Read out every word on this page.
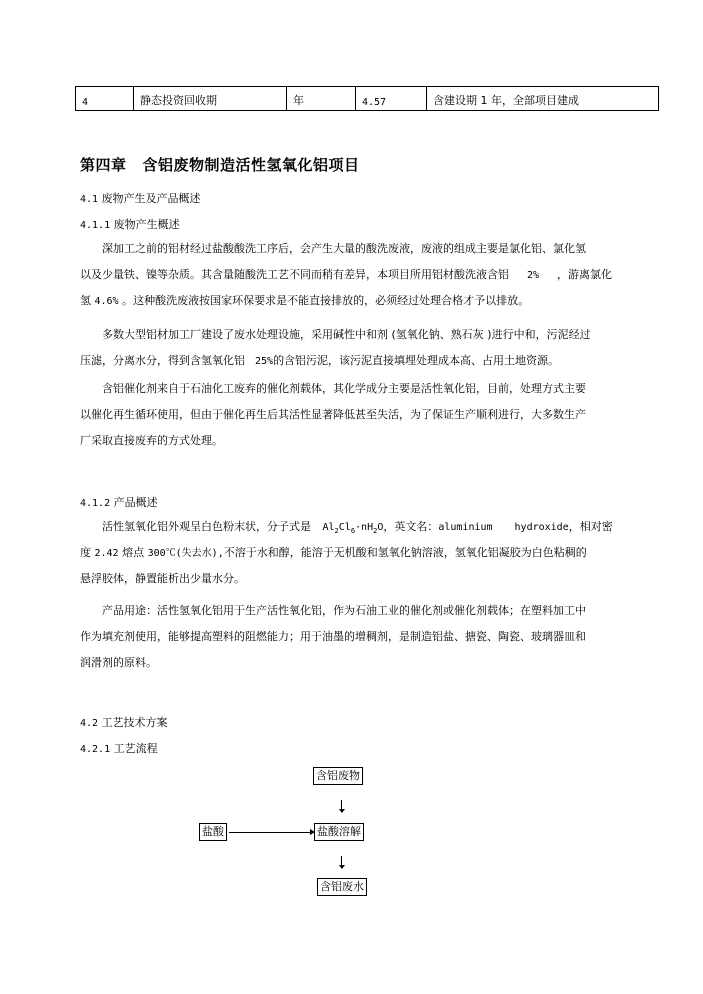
4	静态投资回收期	年	4.57	含建设期 1 年，全部项目建成
第四章 含铝废物制造活性氢氧化铝项目
4.1 废物产生及产品概述
4.1.1 废物产生概述
深加工之前的铝材经过盐酸酸洗工序后，会产生大量的酸洗废液，废液的组成主要是氯化铝、氯化氢
以及少量铁、镍等杂质。其含量随酸洗工艺不同而稍有差异，本项目所用铝材酸洗液含铝 2% ，游离氯化
氢 4.6% 。这种酸洗废液按国家环保要求是不能直接排放的，必须经过处理合格才予以排放。
多数大型铝材加工厂建设了废水处理设施，采用碱性中和剂 (氢氧化钠、熟石灰 )进行中和，污泥经过
压滤，分离水分，得到含氢氧化铝 25%的含铝污泥，该污泥直接填埋处理成本高、占用土地资源。
含铝催化剂来自于石油化工废弃的催化剂载体，其化学成分主要是活性氧化铝，目前，处理方式主要
以催化再生循环使用，但由于催化再生后其活性显著降低甚至失活，为了保证生产顺利进行，大多数生产
厂采取直接废弃的方式处理。
4.1.2 产品概述
活性氢氧化铝外观呈白色粉末状，分子式是 $Al_2Cl_6\cdot nH_2O$，英文名：aluminium hydroxide，相对密
度 2.42 熔点 300℃(失去水),不溶于水和醇，能溶于无机酸和氢氧化钠溶液，氢氧化铝凝胶为白色粘稠的
悬浮胶体，静置能析出少量水分。
产品用途：活性氢氧化铝用于生产活性氧化铝，作为石油工业的催化剂或催化剂载体；在塑料加工中
作为填充剂使用，能够提高塑料的阻燃能力；用于油墨的增稠剂，是制造铝盐、搪瓷、陶瓷、玻璃器皿和
润滑剂的原料。
4.2 工艺技术方案
4.2.1 工艺流程
含铝废物
盐酸	盐酸溶解
含铝废水
